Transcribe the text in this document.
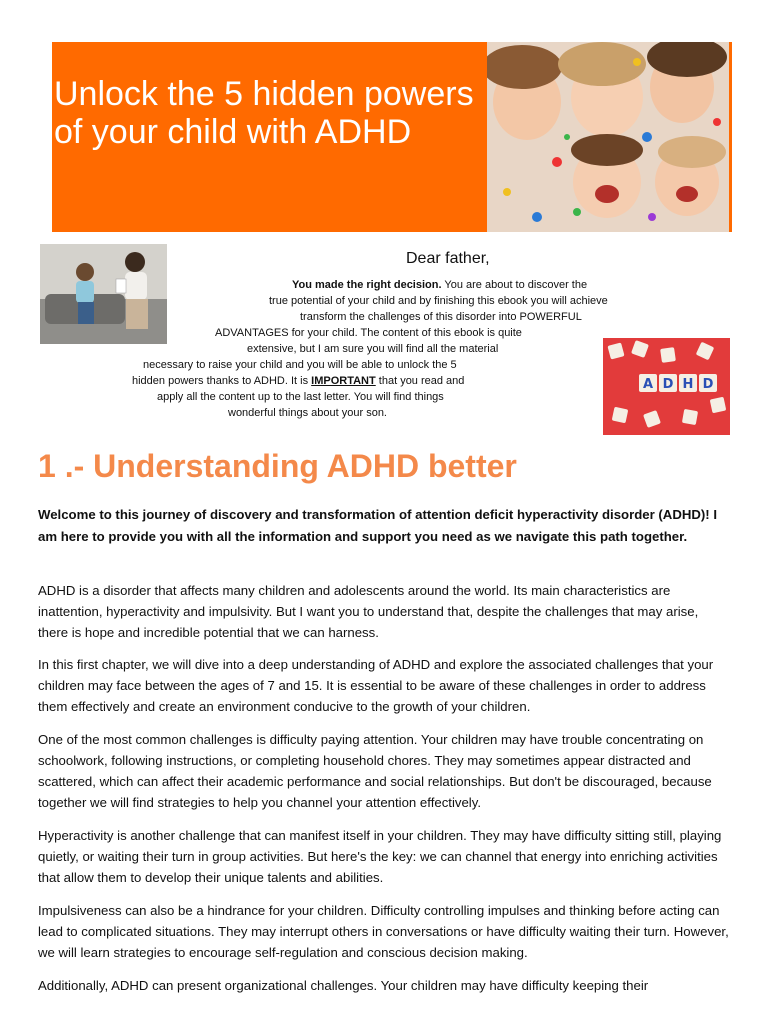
Unlock the 5 hidden powers of your child with ADHD
Dear father,
You made the right decision. You are about to discover the
true potential of your child and by finishing this ebook you will achieve
transform the challenges of this disorder into POWERFUL
ADVANTAGES for your child. The content of this ebook is quite
extensive, but I am sure you will find all the material
necessary to raise your child and you will be able to unlock the 5
hidden powers thanks to ADHD. It is IMPORTANT that you read and
apply all the content up to the last letter. You will find things
wonderful things about your son.
A D H D
1 .- Understanding ADHD better

Welcome to this journey of discovery and transformation of attention deficit hyperactivity disorder (ADHD)! I am here to provide you with all the information and support you need as we navigate this path together.

ADHD is a disorder that affects many children and adolescents around the world. Its main characteristics are inattention, hyperactivity and impulsivity. But I want you to understand that, despite the challenges that may arise, there is hope and incredible potential that we can harness.

In this first chapter, we will dive into a deep understanding of ADHD and explore the associated challenges that your children may face between the ages of 7 and 15. It is essential to be aware of these challenges in order to address them effectively and create an environment conducive to the growth of your children.

One of the most common challenges is difficulty paying attention. Your children may have trouble concentrating on schoolwork, following instructions, or completing household chores. They may sometimes appear distracted and scattered, which can affect their academic performance and social relationships. But don't be discouraged, because together we will find strategies to help you channel your attention effectively.

Hyperactivity is another challenge that can manifest itself in your children. They may have difficulty sitting still, playing quietly, or waiting their turn in group activities. But here's the key: we can channel that energy into enriching activities that allow them to develop their unique talents and abilities.

Impulsiveness can also be a hindrance for your children. Difficulty controlling impulses and thinking before acting can lead to complicated situations. They may interrupt others in conversations or have difficulty waiting their turn. However, we will learn strategies to encourage self-regulation and conscious decision making.

Additionally, ADHD can present organizational challenges. Your children may have difficulty keeping their
